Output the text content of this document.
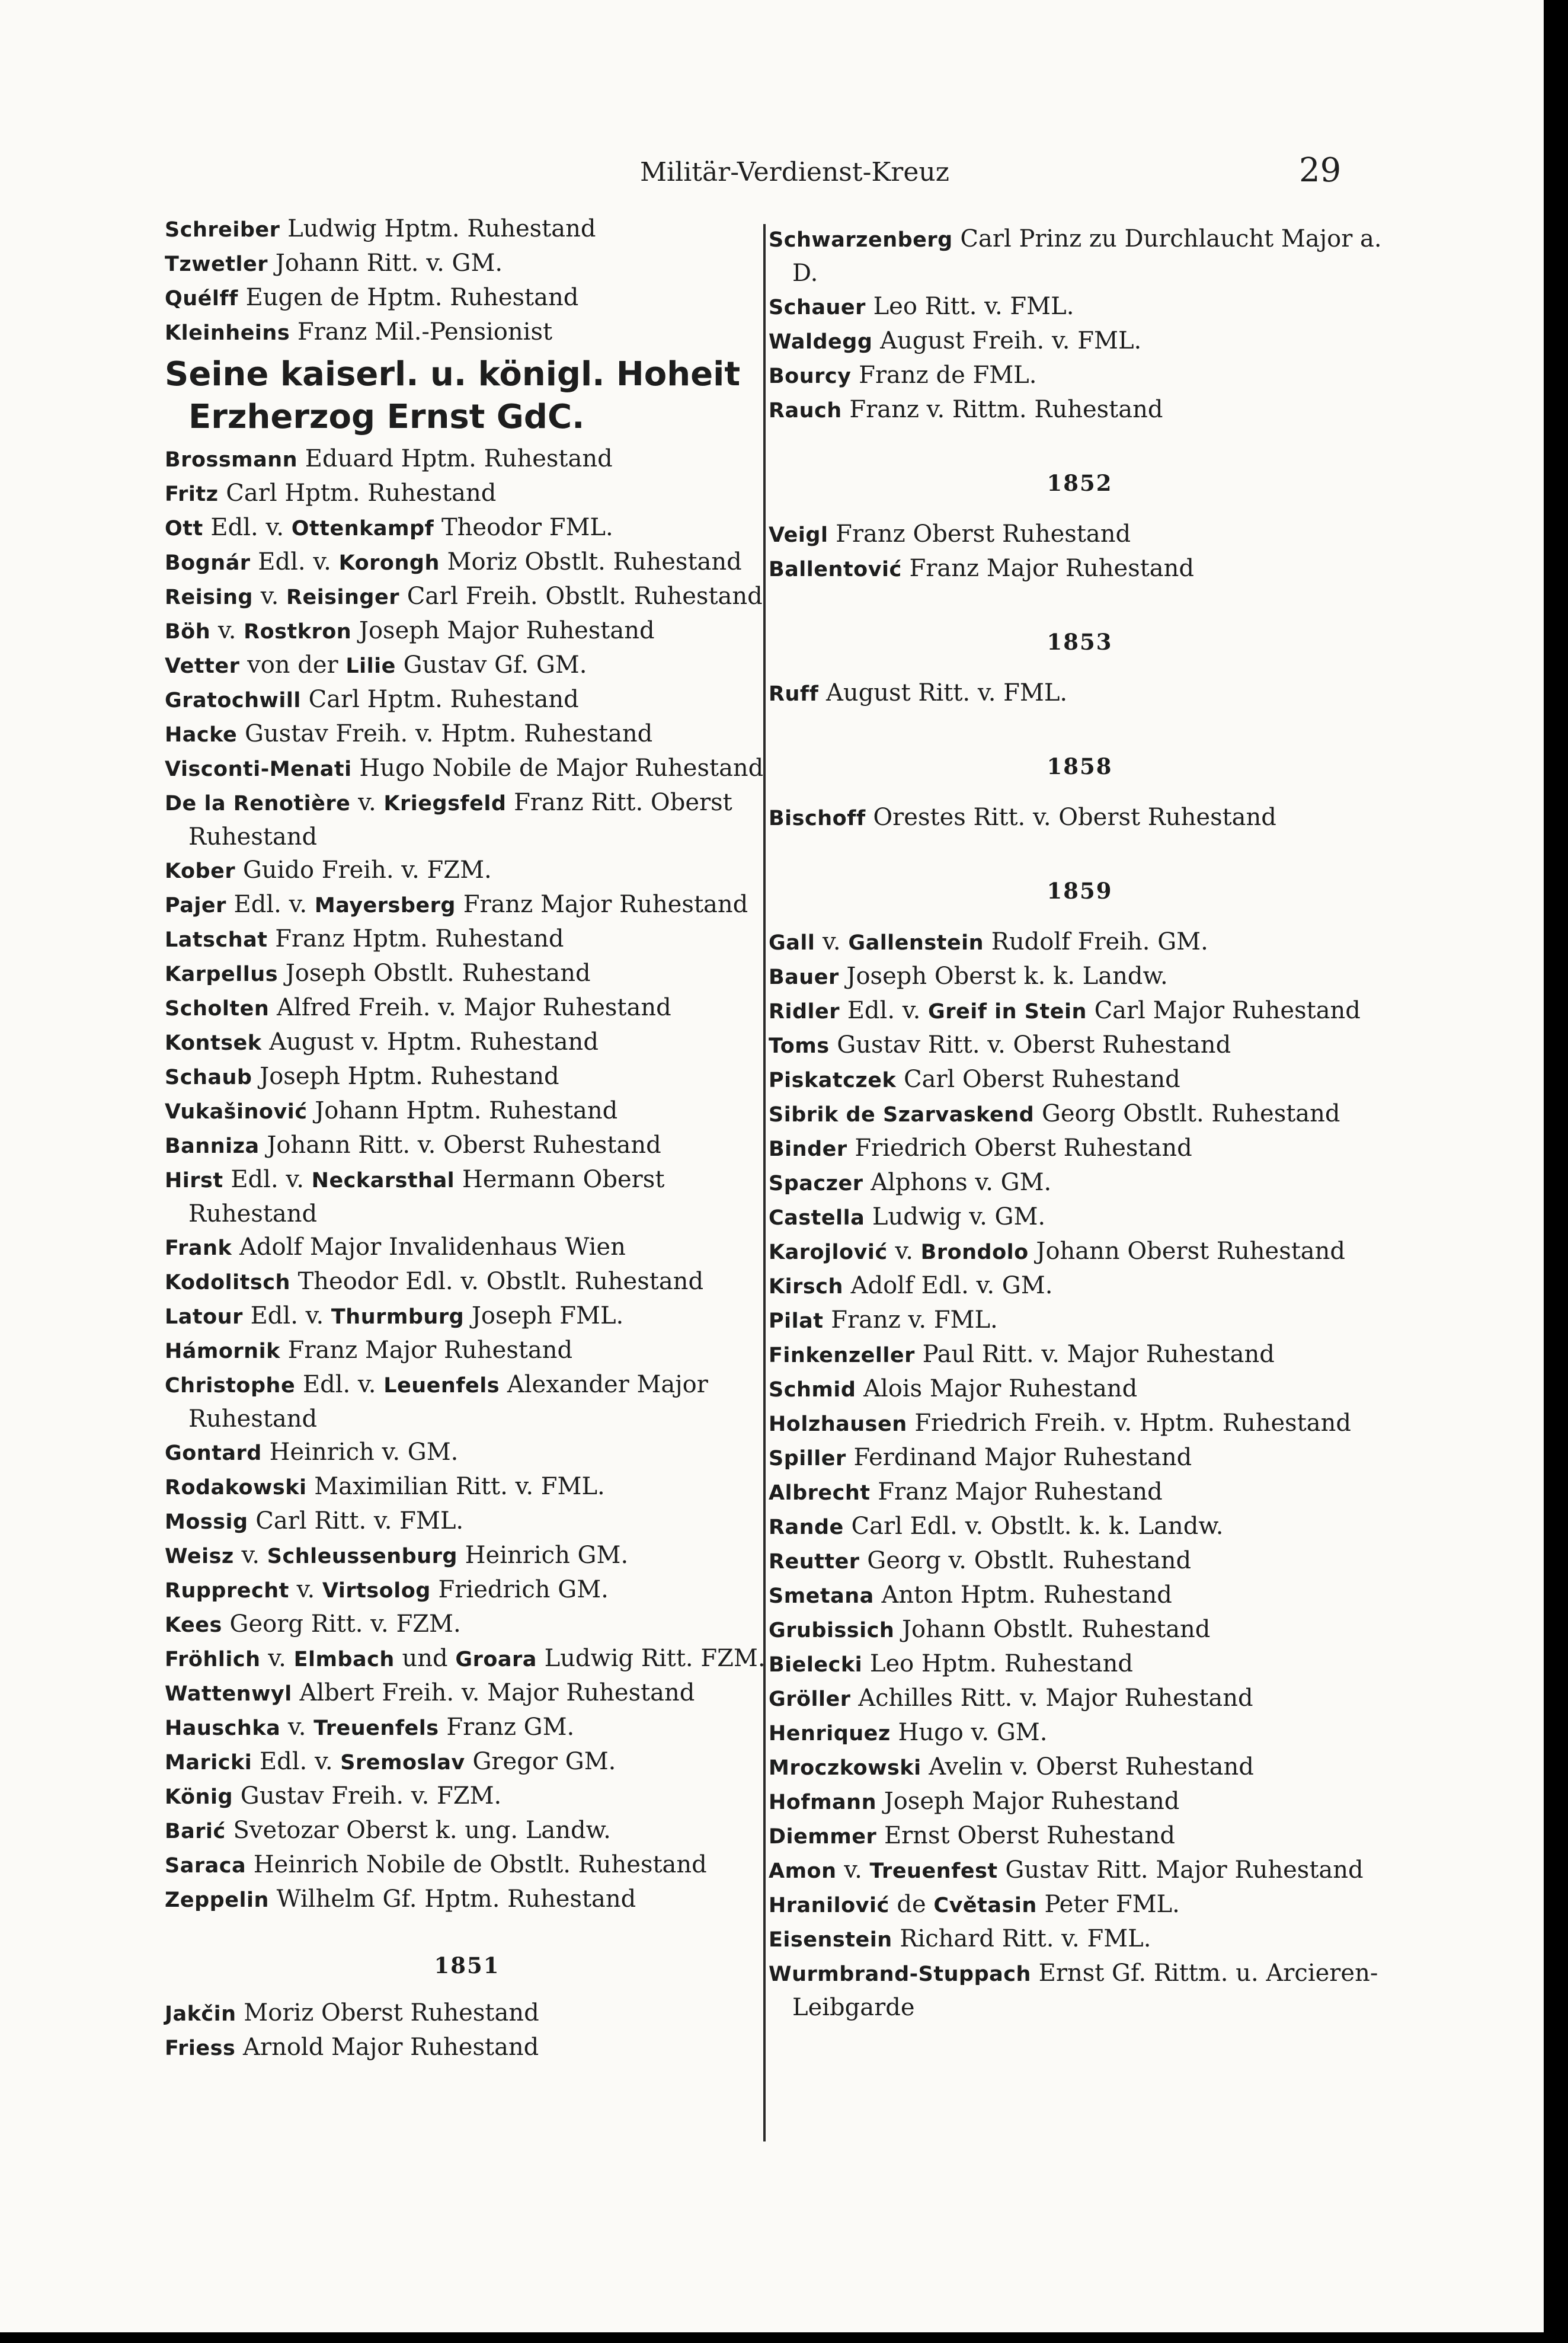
Militär-Verdienst-Kreuz	29
Schreiber Ludwig Hptm. Ruhestand
Tzwetler Johann Ritt. v. GM.
Quélff Eugen de Hptm. Ruhestand
Kleinheins Franz Mil.-Pensionist
Seine kaiserl. u. königl. Hoheit Erzherzog Ernst GdC.
Brossmann Eduard Hptm. Ruhestand
Fritz Carl Hptm. Ruhestand
Ott Edl. v. Ottenkampf Theodor FML.
Bognár Edl. v. Korongh Moriz Obstlt. Ruhestand
Reising v. Reisinger Carl Freih. Obstlt. Ruhestand
Böh v. Rostkron Joseph Major Ruhestand
Vetter von der Lilie Gustav Gf. GM.
Gratochwill Carl Hptm. Ruhestand
Hacke Gustav Freih. v. Hptm. Ruhestand
Visconti-Menati Hugo Nobile de Major Ruhestand
De la Renotière v. Kriegsfeld Franz Ritt. Oberst Ruhestand
Kober Guido Freih. v. FZM.
Pajer Edl. v. Mayersberg Franz Major Ruhestand
Latschat Franz Hptm. Ruhestand
Karpellus Joseph Obstlt. Ruhestand
Scholten Alfred Freih. v. Major Ruhestand
Kontsek August v. Hptm. Ruhestand
Schaub Joseph Hptm. Ruhestand
Vukašinović Johann Hptm. Ruhestand
Banniza Johann Ritt. v. Oberst Ruhestand
Hirst Edl. v. Neckarsthal Hermann Oberst Ruhestand
Frank Adolf Major Invalidenhaus Wien
Kodolitsch Theodor Edl. v. Obstlt. Ruhestand
Latour Edl. v. Thurmburg Joseph FML.
Hámornik Franz Major Ruhestand
Christophe Edl. v. Leuenfels Alexander Major Ruhestand
Gontard Heinrich v. GM.
Rodakowski Maximilian Ritt. v. FML.
Mossig Carl Ritt. v. FML.
Weisz v. Schleussenburg Heinrich GM.
Rupprecht v. Virtsolog Friedrich GM.
Kees Georg Ritt. v. FZM.
Fröhlich v. Elmbach und Groara Ludwig Ritt. FZM.
Wattenwyl Albert Freih. v. Major Ruhestand
Hauschka v. Treuenfels Franz GM.
Maricki Edl. v. Sremoslav Gregor GM.
König Gustav Freih. v. FZM.
Barić Svetozar Oberst k. ung. Landw.
Saraca Heinrich Nobile de Obstlt. Ruhestand
Zeppelin Wilhelm Gf. Hptm. Ruhestand
1851
Jakčin Moriz Oberst Ruhestand
Friess Arnold Major Ruhestand
Schwarzenberg Carl Prinz zu Durchlaucht Major a. D.
Schauer Leo Ritt. v. FML.
Waldegg August Freih. v. FML.
Bourcy Franz de FML.
Rauch Franz v. Rittm. Ruhestand
1852
Veigl Franz Oberst Ruhestand
Ballentović Franz Major Ruhestand
1853
Ruff August Ritt. v. FML.
1858
Bischoff Orestes Ritt. v. Oberst Ruhestand
1859
Gall v. Gallenstein Rudolf Freih. GM.
Bauer Joseph Oberst k. k. Landw.
Ridler Edl. v. Greif in Stein Carl Major Ruhestand
Toms Gustav Ritt. v. Oberst Ruhestand
Piskatczek Carl Oberst Ruhestand
Sibrik de Szarvaskend Georg Obstlt. Ruhestand
Binder Friedrich Oberst Ruhestand
Spaczer Alphons v. GM.
Castella Ludwig v. GM.
Karojlović v. Brondolo Johann Oberst Ruhestand
Kirsch Adolf Edl. v. GM.
Pilat Franz v. FML.
Finkenzeller Paul Ritt. v. Major Ruhestand
Schmid Alois Major Ruhestand
Holzhausen Friedrich Freih. v. Hptm. Ruhestand
Spiller Ferdinand Major Ruhestand
Albrecht Franz Major Ruhestand
Rande Carl Edl. v. Obstlt. k. k. Landw.
Reutter Georg v. Obstlt. Ruhestand
Smetana Anton Hptm. Ruhestand
Grubissich Johann Obstlt. Ruhestand
Bielecki Leo Hptm. Ruhestand
Gröller Achilles Ritt. v. Major Ruhestand
Henriquez Hugo v. GM.
Mroczkowski Avelin v. Oberst Ruhestand
Hofmann Joseph Major Ruhestand
Diemmer Ernst Oberst Ruhestand
Amon v. Treuenfest Gustav Ritt. Major Ruhestand
Hranilović de Cvětasin Peter FML.
Eisenstein Richard Ritt. v. FML.
Wurmbrand-Stuppach Ernst Gf. Rittm. u. Arcieren-Leibgarde
